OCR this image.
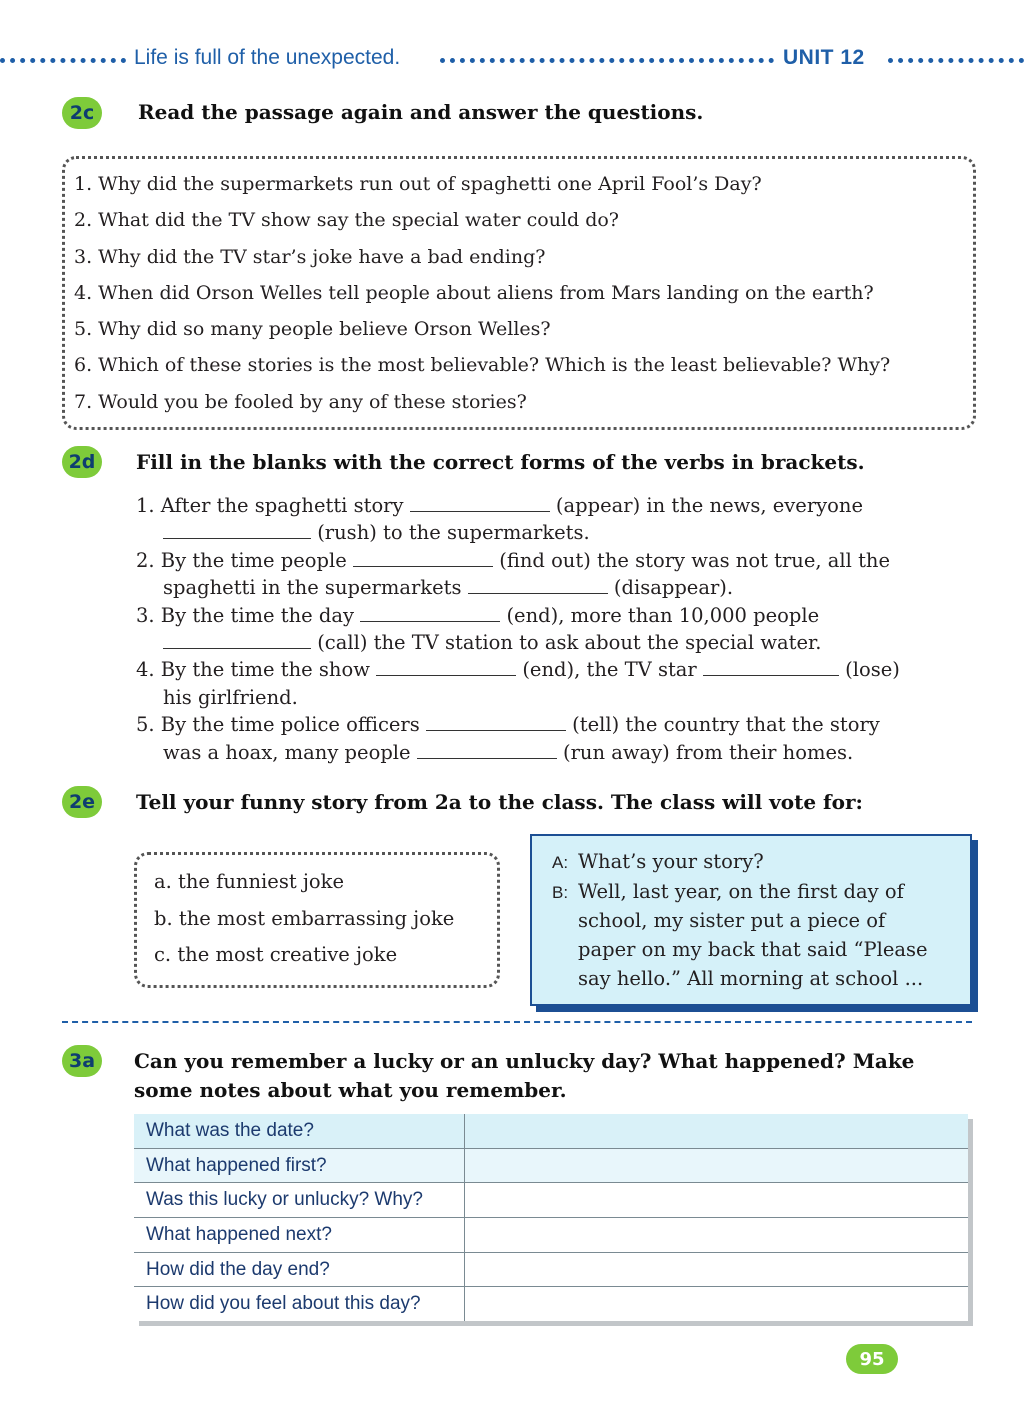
Life is full of the unexpected.	UNIT 12
2c	Read the passage again and answer the questions.
1. Why did the supermarkets run out of spaghetti one April Fool’s Day?
2. What did the TV show say the special water could do?
3. Why did the TV star’s joke have a bad ending?
4. When did Orson Welles tell people about aliens from Mars landing on the earth?
5. Why did so many people believe Orson Welles?
6. Which of these stories is the most believable? Which is the least believable? Why?
7. Would you be fooled by any of these stories?
2d	Fill in the blanks with the correct forms of the verbs in brackets.
1. After the spaghetti story	(appear) in the news, everyone
(rush) to the supermarkets.
2. By the time people	(find out) the story was not true, all the
spaghetti in the supermarkets	(disappear).
3. By the time the day	(end), more than 10,000 people
(call) the TV station to ask about the special water.
4. By the time the show	(end), the TV star	(lose)
his girlfriend.
5. By the time police officers	(tell) the country that the story
was a hoax, many people	(run away) from their homes.
2e	Tell your funny story from 2a to the class. The class will vote for:
a. the funniest joke
b. the most embarrassing joke
c. the most creative joke
A: What’s your story?
B: Well, last year, on the first day of
school, my sister put a piece of
paper on my back that said “Please
say hello.” All morning at school ...
3a	Can you remember a lucky or an unlucky day? What happened? Make
some notes about what you remember.
What was the date?	
What happened first?	
Was this lucky or unlucky? Why?	
What happened next?	
How did the day end?	
How did you feel about this day?	
95
